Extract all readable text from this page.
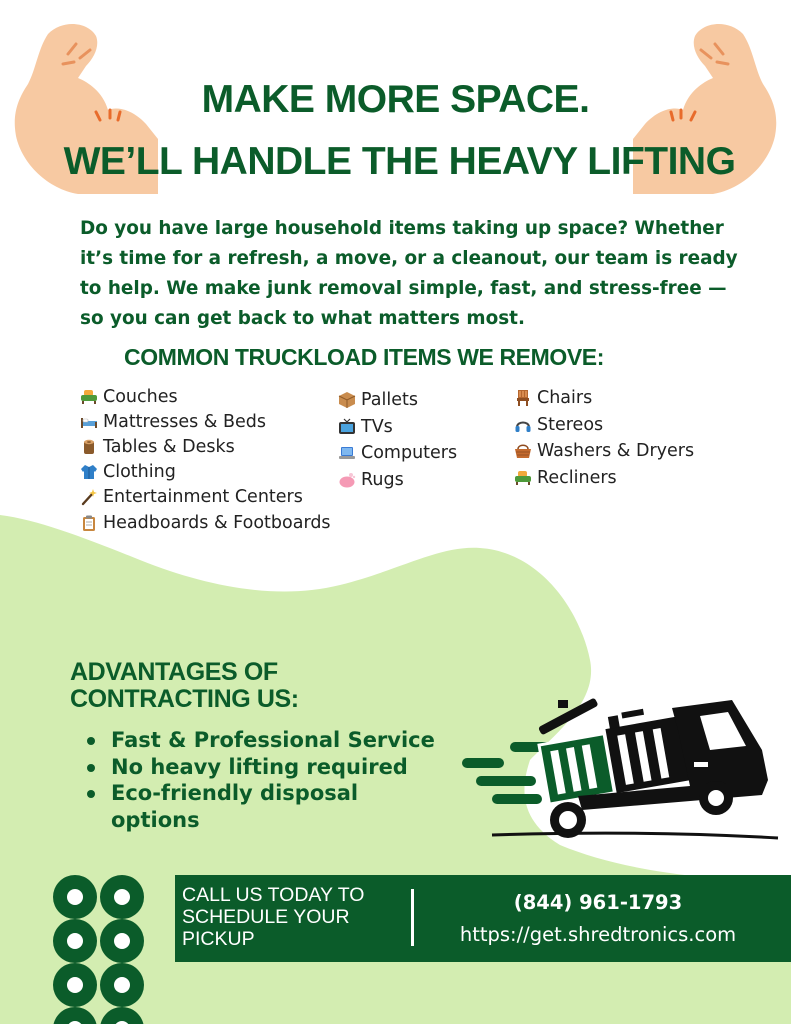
MAKE MORE SPACE.
WE’LL HANDLE THE HEAVY LIFTING

Do you have large household items taking up space? Whether it’s time for a refresh, a move, or a cleanout, our team is ready to help. We make junk removal simple, fast, and stress-free — so you can get back to what matters most.

COMMON TRUCKLOAD ITEMS WE REMOVE:
Couches
Mattresses & Beds
Tables & Desks
Clothing
Entertainment Centers
Headboards & Footboards
Pallets
TVs
Computers
Rugs
Chairs
Stereos
Washers & Dryers
Recliners
ADVANTAGES OF
CONTRACTING US:
Fast & Professional Service
No heavy lifting required
Eco-friendly disposal options

CALL US TODAY TO SCHEDULE YOUR PICKUP

(844) 961-1793

https://get.shredtronics.com
